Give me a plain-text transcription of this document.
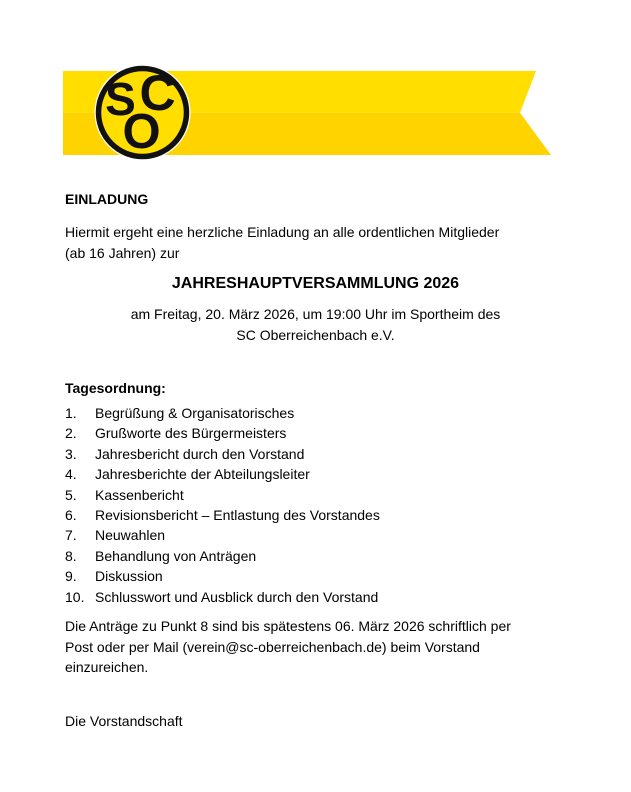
S C
O
EINLADUNG
Hiermit ergeht eine herzliche Einladung an alle ordentlichen Mitglieder
(ab 16 Jahren) zur
JAHRESHAUPTVERSAMMLUNG 2026
am Freitag, 20. März 2026, um 19:00 Uhr im Sportheim des
SC Oberreichenbach e.V.
Tagesordnung:
1.	Begrüßung & Organisatorisches
2.	Grußworte des Bürgermeisters
3.	Jahresbericht durch den Vorstand
4.	Jahresberichte der Abteilungsleiter
5.	Kassenbericht
6.	Revisionsbericht – Entlastung des Vorstandes
7.	Neuwahlen
8.	Behandlung von Anträgen
9.	Diskussion
10. Schlusswort und Ausblick durch den Vorstand
Die Anträge zu Punkt 8 sind bis spätestens 06. März 2026 schriftlich per
Post oder per Mail (verein@sc-oberreichenbach.de) beim Vorstand
einzureichen.
Die Vorstandschaft
